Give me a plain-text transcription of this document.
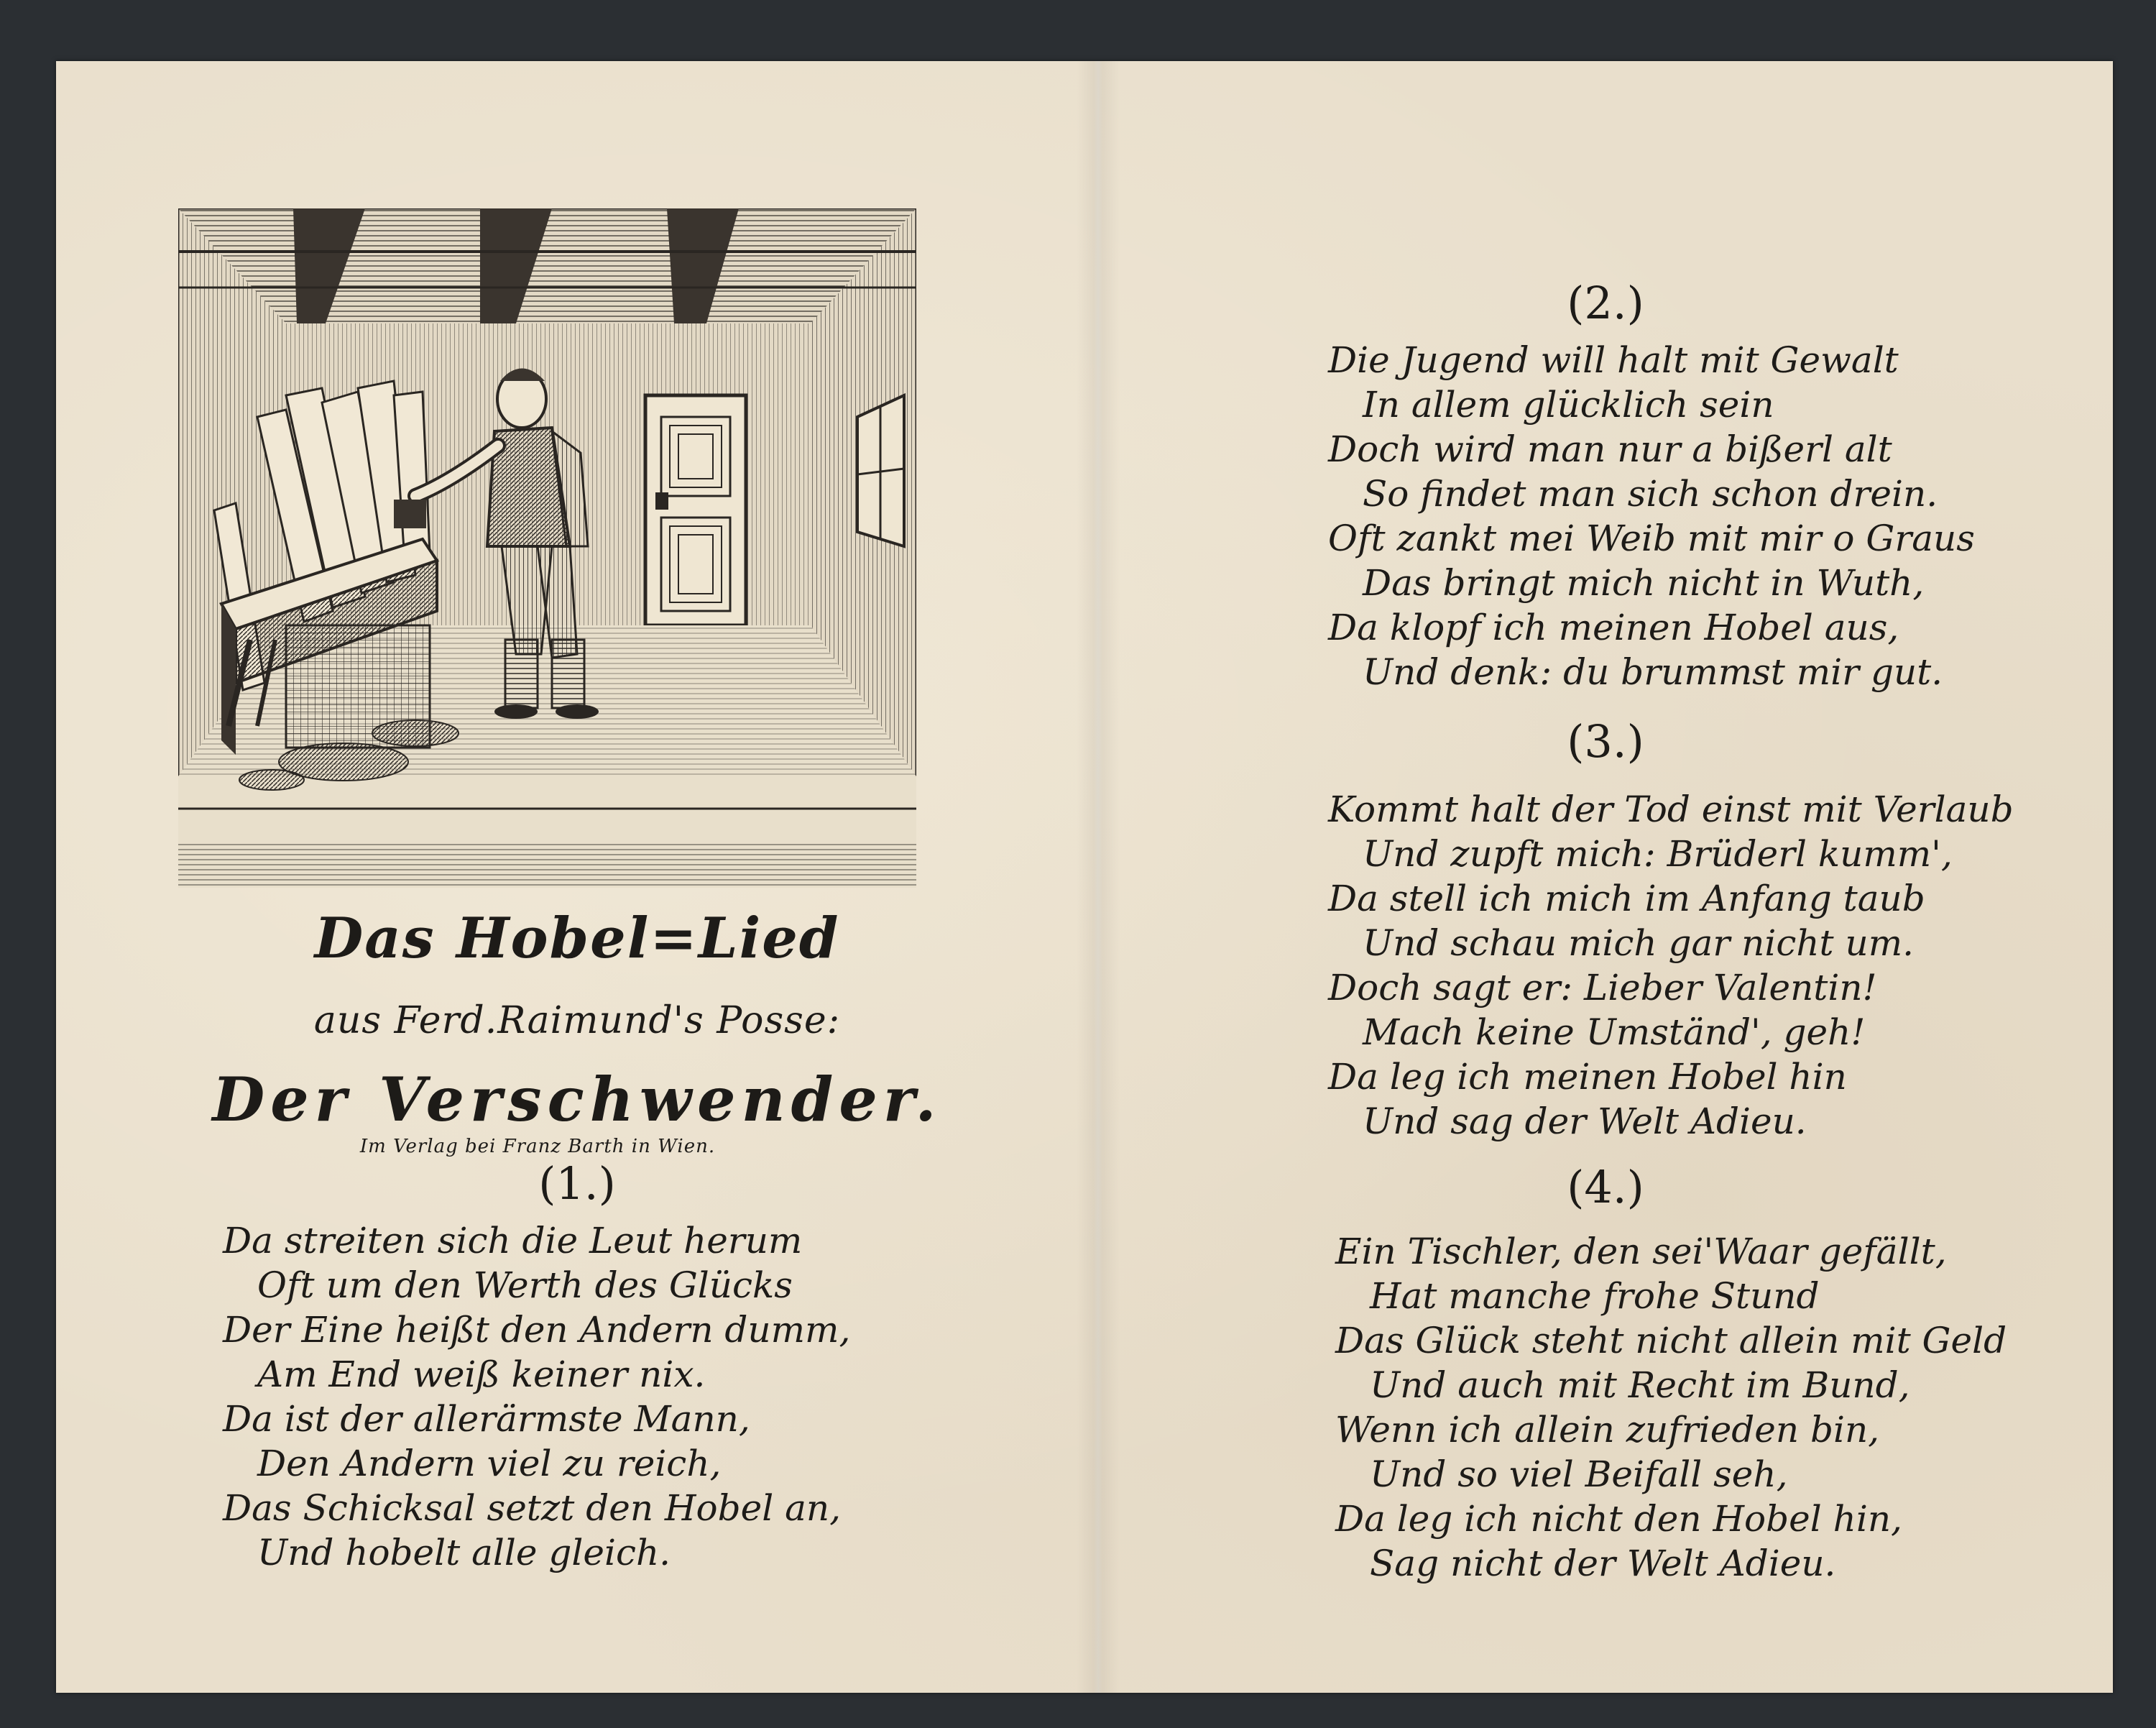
Das Hobel=Lied
aus Ferd.Raimund's Posse:
Der Verschwender.
Im Verlag bei Franz Barth in Wien.
(1.)
Da streiten sich die Leut herum
Oft um den Werth des Glücks
Der Eine heißt den Andern dumm,
Am End weiß keiner nix.
Da ist der allerärmste Mann,
Den Andern viel zu reich,
Das Schicksal setzt den Hobel an,
Und hobelt alle gleich.
(2.)
Die Jugend will halt mit Gewalt
In allem glücklich sein
Doch wird man nur a bißerl alt
So findet man sich schon drein.
Oft zankt mei Weib mit mir o Graus
Das bringt mich nicht in Wuth,
Da klopf ich meinen Hobel aus,
Und denk: du brummst mir gut.
(3.)
Kommt halt der Tod einst mit Verlaub
Und zupft mich: Brüderl kumm',
Da stell ich mich im Anfang taub
Und schau mich gar nicht um.
Doch sagt er: Lieber Valentin!
Mach keine Umständ', geh!
Da leg ich meinen Hobel hin
Und sag der Welt Adieu.
(4.)
Ein Tischler, den sei'Waar gefällt,
Hat manche frohe Stund
Das Glück steht nicht allein mit Geld
Und auch mit Recht im Bund,
Wenn ich allein zufrieden bin,
Und so viel Beifall seh,
Da leg ich nicht den Hobel hin,
Sag nicht der Welt Adieu.
